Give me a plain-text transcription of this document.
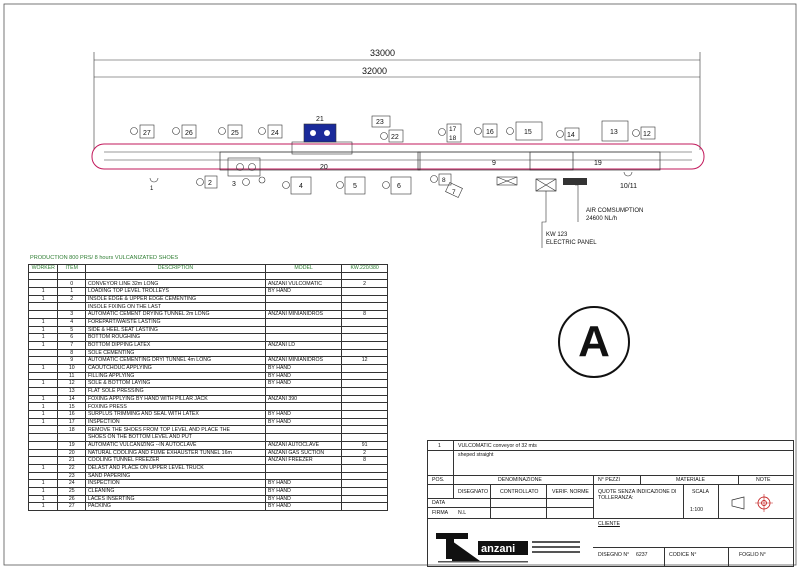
33000
32000
20
9	19
21
27	26	25	24
23
22
17
18
16	15	14	13	12
1
2	3	4	5	6
8
7
10/11
AIR COMSUMPTION
24600 NL/h
KW 123
ELECTRIC PANEL
PRODUCTION 800 PRS/ 8 hours VULCANIZATED SHOES
WORKER	ITEM	DESCRIPTION	MODEL	KW.220/380

	0	CONVEYOR LINE 32m LONG	ANZANI VULCOMATIC	2
1	1	LOADING TOP LEVEL TROLLEYS	BY HAND	
1	2	INSOLE EDGE & UPPER EDGE CEMENTING		
		INSOLE FIXING ON THE LAST		
	3	AUTOMATIC CEMENT DRYING TUNNEL 2m LONG	ANZANI MINIANIDROS	8
1	4	FOREPART/WAISTE LASTING		
1	5	SIDE & HEEL SEAT LASTING		
1	6	BOTTOM ROUGHING		
1	7	BOTTOM DIPPING LATEX	ANZANI LD	
	8	SOLE CEMENTING		
	9	AUTOMATIC CEMENTING DRYI TUNNEL 4m LONG	ANZANI MINIANIDROS	12
1	10	CAOUTCHOUC APPLYING	BY HAND	
	11	FILLING APPLYING	BY HAND	
1	12	SOLE & BOTTOM LAYING	BY HAND	
	13	FLAT SOLE PRESSING		
1	14	FOXING APPLYING BY HAND WITH PILLAR JACK	ANZANI 390	
1	15	FOXING PRESS		
1	16	SURPLUS TRIMMING AND SEAL WITH LATEX	BY HAND	
1	17	INSPECTION	BY HAND	
	18	REMOVE THE SHOES FROM TOP LEVEL AND PLACE THE		
		SHOES ON THE BOTTOM LEVEL AND PUT		
	19	AUTOMATIC VULCANIZING --IN AUTOCLAVE	ANZANI AUTOCLAVE	91
	20	NATURAL COOLING AND FUME EXHAUSTER TUNNEL 16m	ANZANI GAS SUCTION	2
	21	COOLING TUNNEL FREEZER	ANZANI FREEZER	8
1	22	DELAST AND PLACE ON UPPER LEVEL TRUCK		
	23	SAND PAPERING		
1	24	INSPECTION	BY HAND	
1	25	CLEANING	BY HAND	
1	26	LACES INSERTING	BY HAND	
1	27	PACKING	BY HAND	
A
1	VULCOMATIC conveyor of 32 mts
sheped straight
POS.	DENOMINAZIONE	N° PEZZI	MATERIALE	NOTE
DISEGNATO CONTROLLATO	VERIF. NORME QUOTE SENZA INDICAZIONE DI TOLLERANZA:
SCALA
1:100
DATA
FIRMA N.L
CLIENTE
DISEGNO N° 6237	CODICE N°	FOGLIO N°
anzani
